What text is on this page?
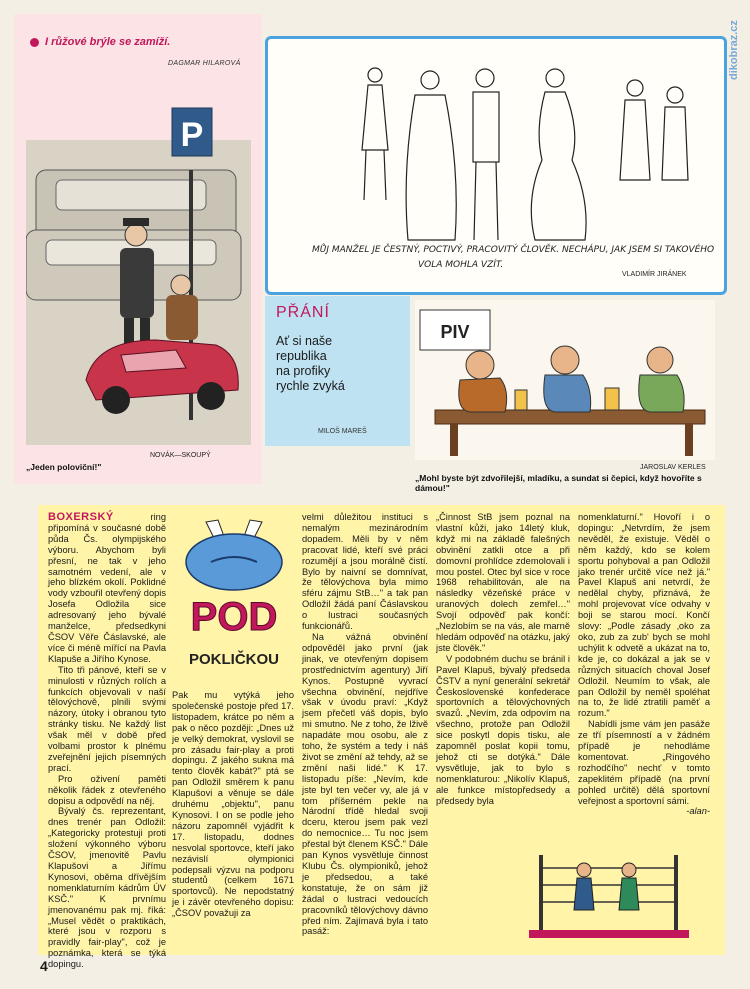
dikobraz.cz
I růžové brýle se zamíží.
DAGMAR HILAROVÁ
P
NOVÁK—SKOUPÝ
„Jeden poloviční!"
MŮJ MANŽEL JE ČESTNÝ, POCTIVÝ, PRACOVITÝ ČLOVĚK. NECHÁPU, JAK JSEM SI TAKOVÉHO
VOLA MOHLA VZÍT.
VLADIMÍR JIRÁNEK
PŘÁNÍ
Ať si naše
republika
na profiky
rychle zvyká
MILOŠ MAREŠ
PIV
JAROSLAV KERLES
„Mohl byste být zdvořilejší, mladíku, a sundat si čepici, když hovoříte s dámou!"

BOXERSKÝ ring připomíná v současné době půda Čs. olympijského výboru. Abychom byli přesní, ne tak v jeho samotném vedení, ale v jeho blízkém okolí. Poklidné vody vzbouřil otevřený dopis Josefa Odložila sice adresovaný jeho bývalé manželce, předsedkyni ČSOV Věře Čáslavské, ale více či méně mířící na Pavla Klapuše a Jiřího Kynose.

Tito tři pánové, kteří se v minulosti v různých rolích a funkcích objevovali v naší tělovýchově, plnili svými názory, útoky i obranou tyto stránky tisku. Ne každý list však měl v době před volbami prostor k plnému zveřejnění jejich písemných prací.

Pro oživení paměti několik řádek z otevřeného dopisu a odpovědí na něj.

Bývalý čs. reprezentant, dnes trenér pan Odložil: „Kategoricky protestuji proti složení výkonného výboru ČSOV, jmenovitě Pavlu Klapušovi a Jiřímu Kynosovi, oběma dřívějším nomenklaturním kádrům ÚV KSČ." K prvnímu jmenovanému pak mj. říká: „Musel vědět o praktikách, které jsou v rozporu s pravidly fair-play", což je poznámka, která se týká dopingu.

POD
POKLIČKOU

Pak mu vytýká jeho společenské postoje před 17. listopadem, krátce po něm a pak o něco později: „Dnes už je velký demokrat, vyslovil se pro zásadu fair-play a proti dopingu. Z jakého sukna má tento člověk kabát?" ptá se pan Odložil směrem k panu Klapušovi a věnuje se dále druhému „objektu", panu Kynosovi. I on se podle jeho názoru zapomněl vyjádřit k 17. listopadu, dodnes nesvolal sportovce, kteří jako nezávislí olympionici podepsali výzvu na podporu studentů (celkem 1671 sportovců). Ne nepodstatný je i závěr otevřeného dopisu: „ČSOV považuji za

velmi důležitou instituci s nemalým mezinárodním dopadem. Měli by v něm pracovat lidé, kteří své práci rozumějí a jsou morálně čistí. Bylo by naivní se domnívat, že tělovýchova byla mimo sféru zájmu StB…" a tak pan Odložil žádá paní Čáslavskou o lustraci současných funkcionářů.

Na vážná obvinění odpověděl jako první (jak jinak, ve otevřeným dopisem prostřednictvím agentury) Jiří Kynos. Postupně vyvrací všechna obvinění, nejdříve však v úvodu praví: „Když jsem přečetl váš dopis, bylo mi smutno. Ne z toho, že lživě napadáte mou osobu, ale z toho, že systém a tedy i náš život se změní až tehdy, až se změní naši lidé." K 17. listopadu píše: „Nevím, kde jste byl ten večer vy, ale já v tom příšerném pekle na Národní třídě hledal svoji dceru, kterou jsem pak vezl do nemocnice… Tu noc jsem přestal být členem KSČ." Dále pan Kynos vysvětluje činnost Klubu Čs. olympioniků, jehož je předsedou, a také konstatuje, že on sám již žádal o lustraci vedoucích pracovníků tělovýchovy dávno před ním. Zajímavá byla i tato pasáž:

„Činnost StB jsem poznal na vlastní kůži, jako 14letý kluk, když mi na základě falešných obvinění zatkli otce a při domovní prohlídce zdemolovali i mou postel. Otec byl sice v roce 1968 rehabilitován, ale na následky vězeňské práce v uranových dolech zemřel…" Svojí odpověď pak končí: „Nezlobím se na vás, ale marně hledám odpověď na otázku, jaký jste člověk."

V podobném duchu se bránil i Pavel Klapuš, bývalý předseda ČSTV a nyní generální sekretář Československé konfederace sportovních a tělovýchovných svazů. „Nevím, zda odpovím na všechno, protože pan Odložil sice poskytl dopis tisku, ale zapomněl poslat kopii tomu, jehož cti se dotýká." Dále vysvětluje, jak to bylo s nomenklaturou: „Nikolív Klapuš, ale funkce místopředsedy a předsedy byla

nomenklaturní." Hovoří i o dopingu: „Netvrdím, že jsem nevěděl, že existuje. Věděl o něm každý, kdo se kolem sportu pohyboval a pan Odložil jako trenér určitě více než já." Pavel Klapuš ani netvrdí, že nedělal chyby, přiznává, že mohl projevovat více odvahy v boji se starou mocí. Končí slovy: „Podle zásady ‚oko za oko, zub za zub' bych se mohl uchýlit k odvetě a ukázat na to, kde je, co dokázal a jak se v různých situacích choval Josef Odložil. Neumím to však, ale pan Odložil by neměl spoléhat na to, že lidé ztratili paměť a rozum."

Nabídli jsme vám jen pasáže ze tří písemností a v žádném případě je nehodláme komentovat. „Ringového rozhodčího" nechť v tomto zapeklitém případě (na první pohled určitě) dělá sportovní veřejnost a sportovní sámi.

-alan-

4
